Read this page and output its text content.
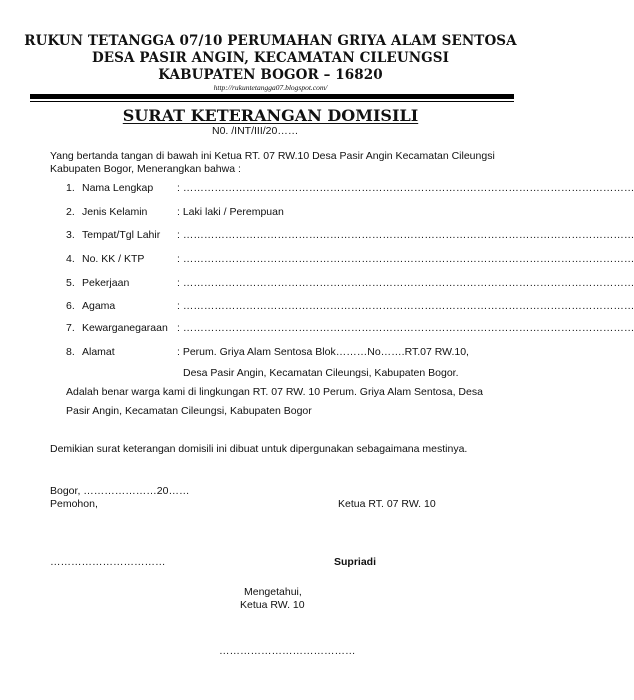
RUKUN TETANGGA 07/10 PERUMAHAN GRIYA ALAM SENTOSA
DESA PASIR ANGIN, KECAMATAN CILEUNGSI
KABUPATEN BOGOR – 16820
http://rukuntetangga07.blogspot.com/
SURAT KETERANGAN DOMISILI
N0. /INT/III/20……
Yang bertanda tangan di bawah ini Ketua RT. 07 RW.10 Desa Pasir Angin Kecamatan Cileungsi
Kabupaten Bogor, Menerangkan bahwa :
1. Nama Lengkap : …………………………………………………………………………………………………………………
2. Jenis Kelamin	: Laki laki / Perempuan
3. Tempat/Tgl Lahir : …………………………………………………………………………………………………………………
4. No. KK / KTP	: …………………………………………………………………………………………………………………
5. Pekerjaan	: …………………………………………………………………………………………………………………
6. Agama	: …………………………………………………………………………………………………………………
7. Kewarganegaraan : …………………………………………………………………………………………………………………
8. Alamat	: Perum. Griya Alam Sentosa Blok………No…….RT.07 RW.10,
Desa Pasir Angin, Kecamatan Cileungsi, Kabupaten Bogor.
Adalah benar warga kami di lingkungan RT. 07 RW. 10 Perum. Griya Alam Sentosa, Desa
Pasir Angin, Kecamatan Cileungsi, Kabupaten Bogor
Demikian surat keterangan domisili ini dibuat untuk dipergunakan sebagaimana mestinya.
Bogor, …………………20……
Pemohon,	Ketua RT. 07 RW. 10
……………………………	Supriadi
Mengetahui,
Ketua RW. 10
…………………………………
